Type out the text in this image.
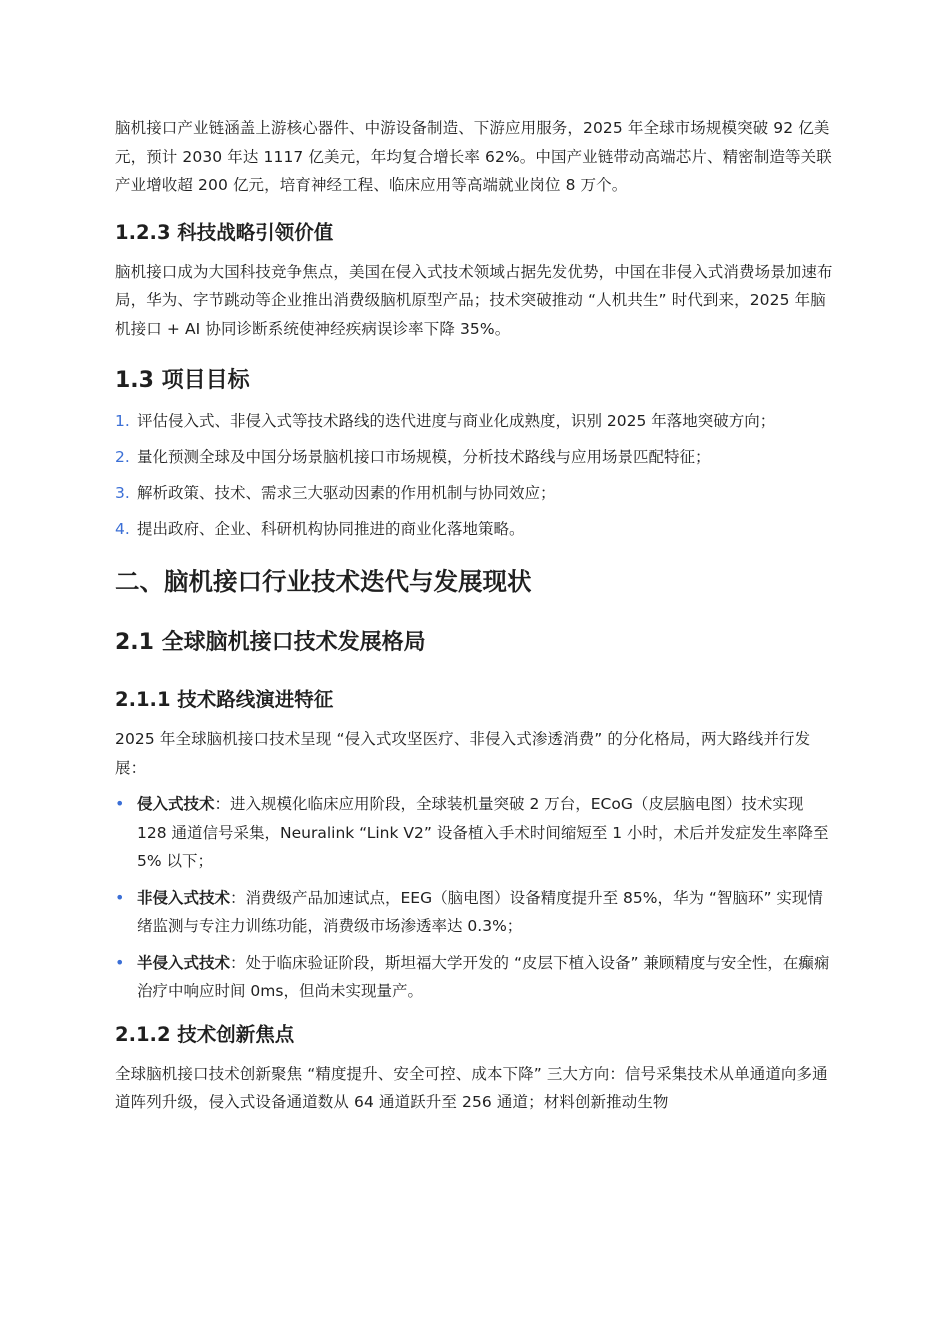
脑机接口产业链涵盖上游核心器件、中游设备制造、下游应用服务，2025 年全球市场规模突破 92 亿美元，预计 2030 年达 1117 亿美元，年均复合增长率 62%。中国产业链带动高端芯片、精密制造等关联产业增收超 200 亿元，培育神经工程、临床应用等高端就业岗位 8 万个。

1.2.3 科技战略引领价值

脑机接口成为大国科技竞争焦点，美国在侵入式技术领域占据先发优势，中国在非侵入式消费场景加速布局，华为、字节跳动等企业推出消费级脑机原型产品；技术突破推动 “人机共生” 时代到来，2025 年脑机接口 + AI 协同诊断系统使神经疾病误诊率下降 35%。

1.3 项目目标
1. 评估侵入式、非侵入式等技术路线的迭代进度与商业化成熟度，识别 2025 年落地突破方向；
2. 量化预测全球及中国分场景脑机接口市场规模，分析技术路线与应用场景匹配特征；
3. 解析政策、技术、需求三大驱动因素的作用机制与协同效应；
4. 提出政府、企业、科研机构协同推进的商业化落地策略。
二、脑机接口行业技术迭代与发展现状
2.1 全球脑机接口技术发展格局
2.1.1 技术路线演进特征

2025 年全球脑机接口技术呈现 “侵入式攻坚医疗、非侵入式渗透消费” 的分化格局，两大路线并行发展：

• 侵入式技术：进入规模化临床应用阶段，全球装机量突破 2 万台，ECoG（皮层脑电图）技术实现 128 通道信号采集，Neuralink “Link V2” 设备植入手术时间缩短至 1 小时，术后并发症发生率降至 5% 以下；
• 非侵入式技术：消费级产品加速试点，EEG（脑电图）设备精度提升至 85%，华为 “智脑环” 实现情绪监测与专注力训练功能，消费级市场渗透率达 0.3%；
• 半侵入式技术：处于临床验证阶段，斯坦福大学开发的 “皮层下植入设备” 兼顾精度与安全性，在癫痫治疗中响应时间 0ms，但尚未实现量产。
2.1.2 技术创新焦点

全球脑机接口技术创新聚焦 “精度提升、安全可控、成本下降” 三大方向：信号采集技术从单通道向多通道阵列升级，侵入式设备通道数从 64 通道跃升至 256 通道；材料创新推动生物
